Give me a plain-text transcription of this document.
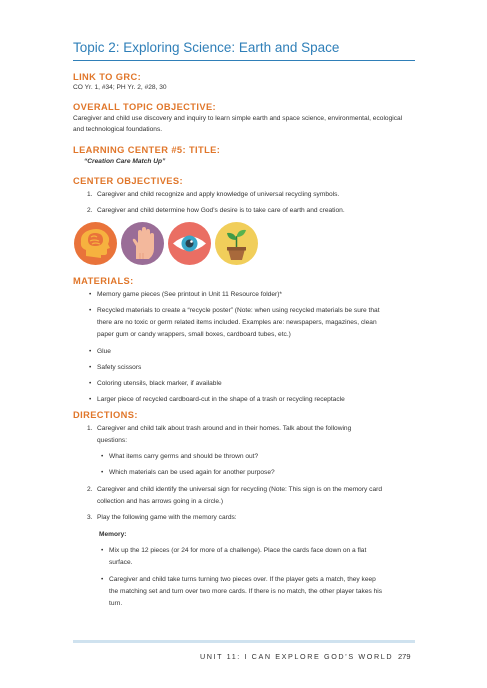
Topic 2: Exploring Science: Earth and Space
LINK TO GRC:
CO Yr. 1, #34; PH Yr. 2, #28, 30
OVERALL TOPIC OBJECTIVE:
Caregiver and child use discovery and inquiry to learn simple earth and space science, environmental, ecological and technological foundations.
LEARNING CENTER #5: TITLE:
“Creation Care Match Up”
CENTER OBJECTIVES:
1. Caregiver and child recognize and apply knowledge of universal recycling symbols.
2. Caregiver and child determine how God’s desire is to take care of earth and creation.
MATERIALS:
• Memory game pieces (See printout in Unit 11 Resource folder)*
• Recycled materials to create a “recycle poster” (Note: when using recycled materials be sure that
there are no toxic or germ related items included. Examples are: newspapers, magazines, clean
paper gum or candy wrappers, small boxes, cardboard tubes, etc.)
• Glue
• Safety scissors
• Coloring utensils, black marker, if available
• Larger piece of recycled cardboard-cut in the shape of a trash or recycling receptacle
DIRECTIONS:
1. Caregiver and child talk about trash around and in their homes. Talk about the following
questions:
• What items carry germs and should be thrown out?
• Which materials can be used again for another purpose?
2. Caregiver and child identify the universal sign for recycling (Note: This sign is on the memory card
collection and has arrows going in a circle.)
3. Play the following game with the memory cards:
Memory:
• Mix up the 12 pieces (or 24 for more of a challenge). Place the cards face down on a flat
surface.
• Caregiver and child take turns turning two pieces over. If the player gets a match, they keep
the matching set and turn over two more cards. If there is no match, the other player takes his
turn.
UNIT 11: I CAN EXPLORE GOD’S WORLD 279
